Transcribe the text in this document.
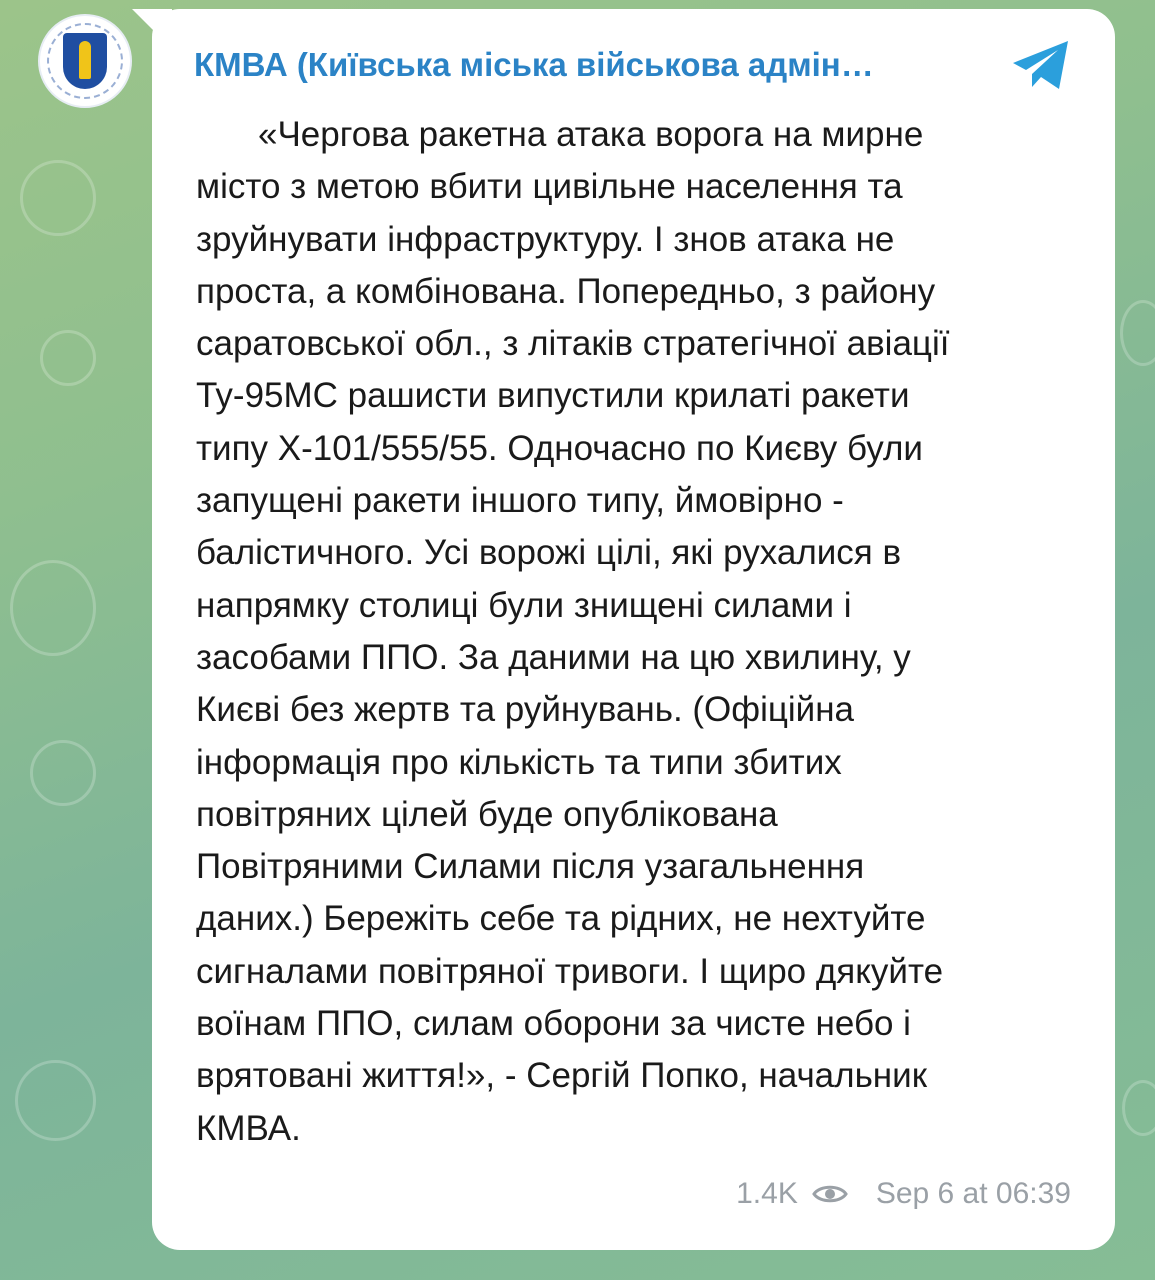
КМВА (Київська міська військова адмін…
«Чергова ракетна атака ворога на мирне
місто з метою вбити цивільне населення та
зруйнувати інфраструктуру. І знов атака не
проста, а комбінована. Попередньо, з району
саратовської обл., з літаків стратегічної авіації
Ту-95МС рашисти випустили крилаті ракети
типу Х-101/555/55. Одночасно по Києву були
запущені ракети іншого типу, ймовірно -
балістичного. Усі ворожі цілі, які рухалися в
напрямку столиці були знищені силами і
засобами ППО. За даними на цю хвилину, у
Києві без жертв та руйнувань. (Офіційна
інформація про кількість та типи збитих
повітряних цілей буде опублікована
Повітряними Силами після узагальнення
даних.) Бережіть себе та рідних, не нехтуйте
сигналами повітряної тривоги. І щиро дякуйте
воїнам ППО, силам оборони за чисте небо і
врятовані життя!», - Сергій Попко, начальник
КМВА.
1.4K	Sep 6 at 06:39
